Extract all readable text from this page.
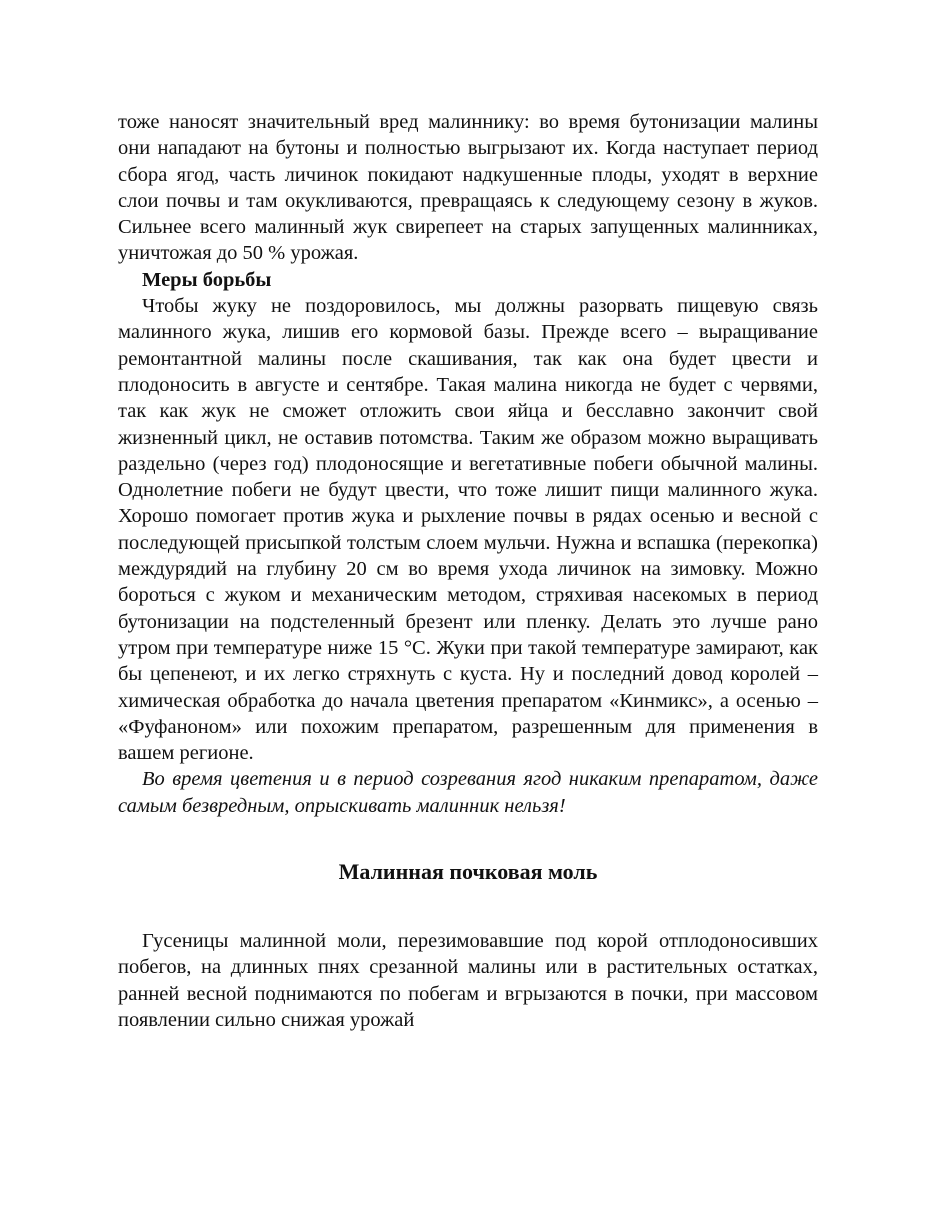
тоже наносят значительный вред малиннику: во время бутонизации малины они нападают на бутоны и полностью выгрызают их. Когда наступает период сбора ягод, часть личинок покидают надкушенные плоды, уходят в верхние слои почвы и там окукливаются, превращаясь к следующему сезону в жуков. Сильнее всего малинный жук свирепеет на старых запущенных малинниках, уничтожая до 50 % урожая.

Меры борьбы

Чтобы жуку не поздоровилось, мы должны разорвать пищевую связь малинного жука, лишив его кормовой базы. Прежде всего – выращивание ремонтантной малины после скашивания, так как она будет цвести и плодоносить в августе и сентябре. Такая малина никогда не будет с червями, так как жук не сможет отложить свои яйца и бесславно закончит свой жизненный цикл, не оставив потомства. Таким же образом можно выращивать раздельно (через год) плодоносящие и вегетативные побеги обычной малины. Однолетние побеги не будут цвести, что тоже лишит пищи малинного жука. Хорошо помогает против жука и рыхление почвы в рядах осенью и весной с последующей присыпкой толстым слоем мульчи. Нужна и вспашка (перекопка) междурядий на глубину 20 см во время ухода личинок на зимовку. Можно бороться с жуком и механическим методом, стряхивая насекомых в период бутонизации на подстеленный брезент или пленку. Делать это лучше рано утром при температуре ниже 15 °С. Жуки при такой температуре замирают, как бы цепенеют, и их легко стряхнуть с куста. Ну и последний довод королей – химическая обработка до начала цветения препаратом «Кинмикс», а осенью – «Фуфаноном» или похожим препаратом, разрешенным для применения в вашем регионе.

Во время цветения и в период созревания ягод никаким препаратом, даже самым безвредным, опрыскивать малинник нельзя!

Малинная почковая моль

Гусеницы малинной моли, перезимовавшие под корой отплодоносивших побегов, на длинных пнях срезанной малины или в растительных остатках, ранней весной поднимаются по побегам и вгрызаются в почки, при массовом появлении сильно снижая урожай
